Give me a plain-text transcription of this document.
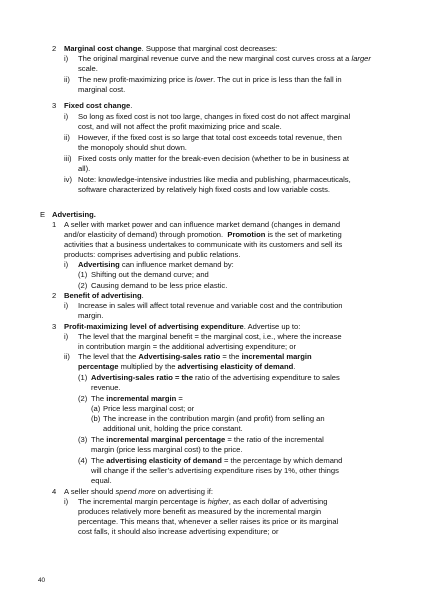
2 Marginal cost change. Suppose that marginal cost decreases:
i) The original marginal revenue curve and the new marginal cost curves cross at a larger
scale.
ii) The new profit-maximizing price is lower. The cut in price is less than the fall in
marginal cost.
3 Fixed cost change.
i) So long as fixed cost is not too large, changes in fixed cost do not affect marginal
cost, and will not affect the profit maximizing price and scale.
ii) However, if the fixed cost is so large that total cost exceeds total revenue, then
the monopoly should shut down.
iii) Fixed costs only matter for the break-even decision (whether to be in business at
all).
iv) Note: knowledge-intensive industries like media and publishing, pharmaceuticals,
software characterized by relatively high fixed costs and low variable costs.
E Advertising.
1 A seller with market power and can influence market demand (changes in demand
and/or elasticity of demand) through promotion. Promotion is the set of marketing
activities that a business undertakes to communicate with its customers and sell its
products: comprises advertising and public relations.
i) Advertising can influence market demand by:
(1) Shifting out the demand curve; and
(2) Causing demand to be less price elastic.
2 Benefit of advertising.
i) Increase in sales will affect total revenue and variable cost and the contribution
margin.
3 Profit-maximizing level of advertising expenditure. Advertise up to:
i) The level that the marginal benefit = the marginal cost, i.e., where the increase
in contribution margin = the additional advertising expenditure; or
ii) The level that the Advertising-sales ratio = the incremental margin
percentage multiplied by the advertising elasticity of demand.
(1) Advertising-sales ratio = the ratio of the advertising expenditure to sales
revenue.
(2) The incremental margin =
(a) Price less marginal cost; or
(b) The increase in the contribution margin (and profit) from selling an
additional unit, holding the price constant.
(3) The incremental marginal percentage = the ratio of the incremental
margin (price less marginal cost) to the price.
(4) The advertising elasticity of demand = the percentage by which demand
will change if the seller’s advertising expenditure rises by 1%, other things
equal.
4 A seller should spend more on advertising if:
i) The incremental margin percentage is higher, as each dollar of advertising
produces relatively more benefit as measured by the incremental margin
percentage. This means that, whenever a seller raises its price or its marginal
cost falls, it should also increase advertising expenditure; or
40
